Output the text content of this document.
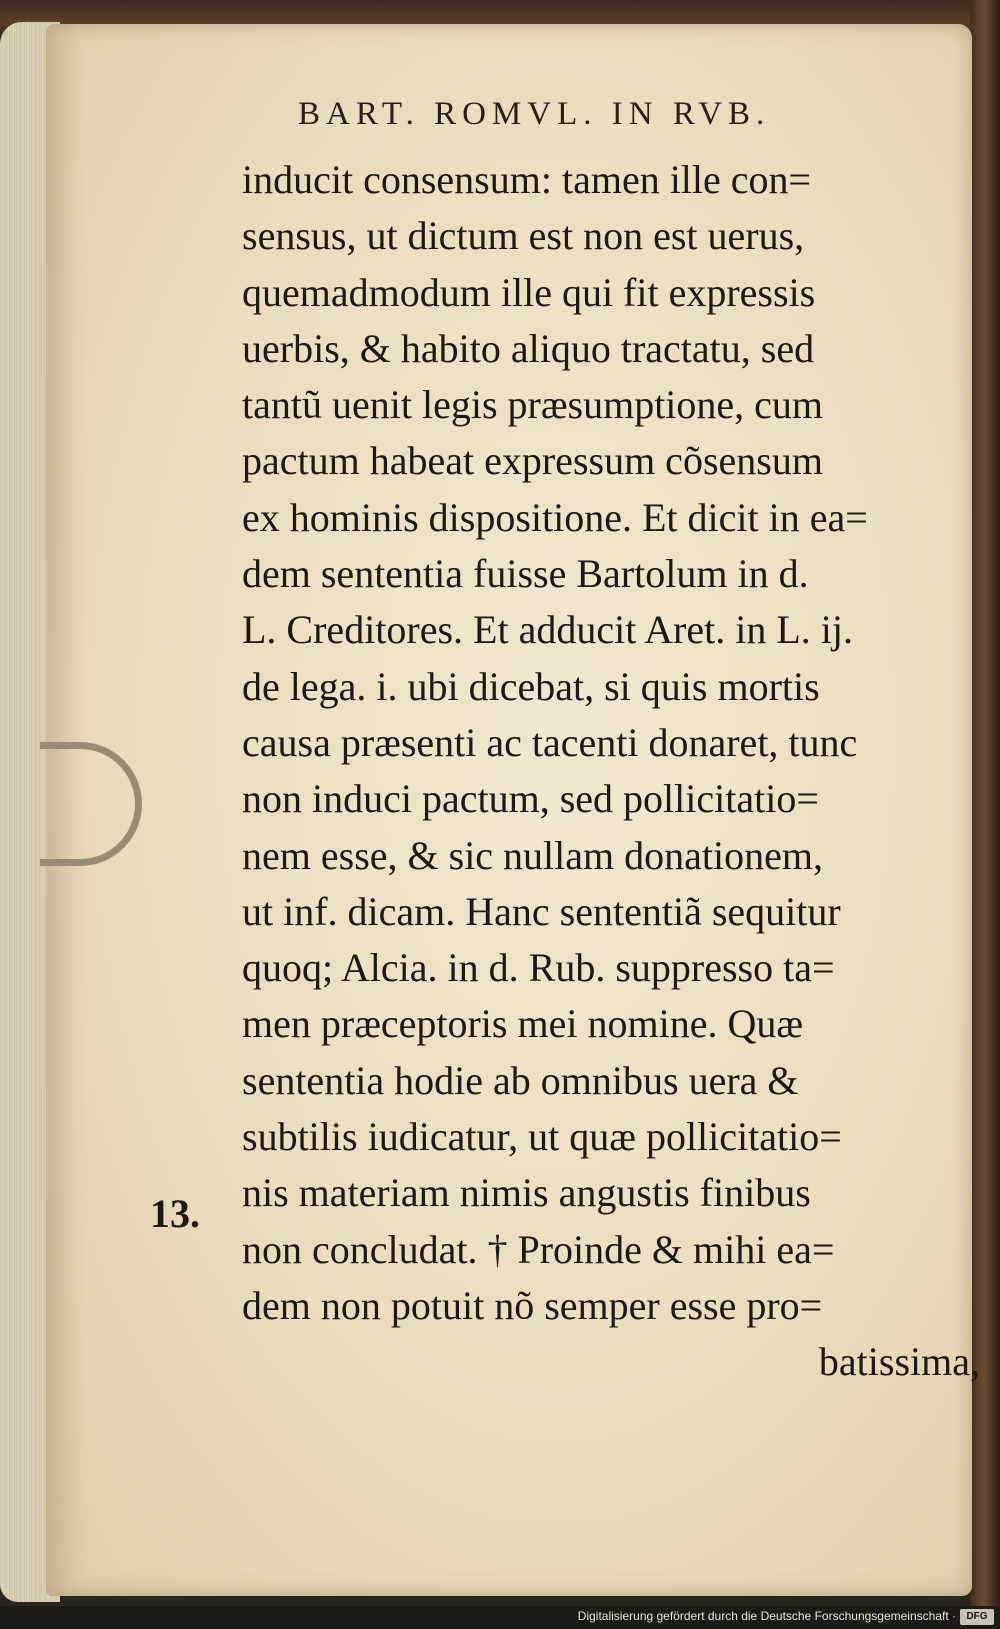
BART. ROMVL. IN RVB.
13.
inducit consensum: tamen ille con=
sensus, ut dictum est non est uerus,
quemadmodum ille qui fit expressis
uerbis, & habito aliquo tractatu, sed
tantũ uenit legis præsumptione, cum
pactum habeat expressum cõsensum
ex hominis dispositione. Et dicit in ea=
dem sententia fuisse Bartolum in d.
L. Creditores. Et adducit Aret. in L. ij.
de lega. i. ubi dicebat, si quis mortis
causa præsenti ac tacenti donaret, tunc
non induci pactum, sed pollicitatio=
nem esse, & sic nullam donationem,
ut inf. dicam. Hanc sententiã sequitur
quoq; Alcia. in d. Rub. suppresso ta=
men præceptoris mei nomine. Quæ
sententia hodie ab omnibus uera &
subtilis iudicatur, ut quæ pollicitatio=
nis materiam nimis angustis finibus
non concludat. † Proinde & mihi ea=
dem non potuit nõ semper esse pro=
batissima,
Digitalisierung gefördert durch die Deutsche Forschungsgemeinschaft ·	DFG
